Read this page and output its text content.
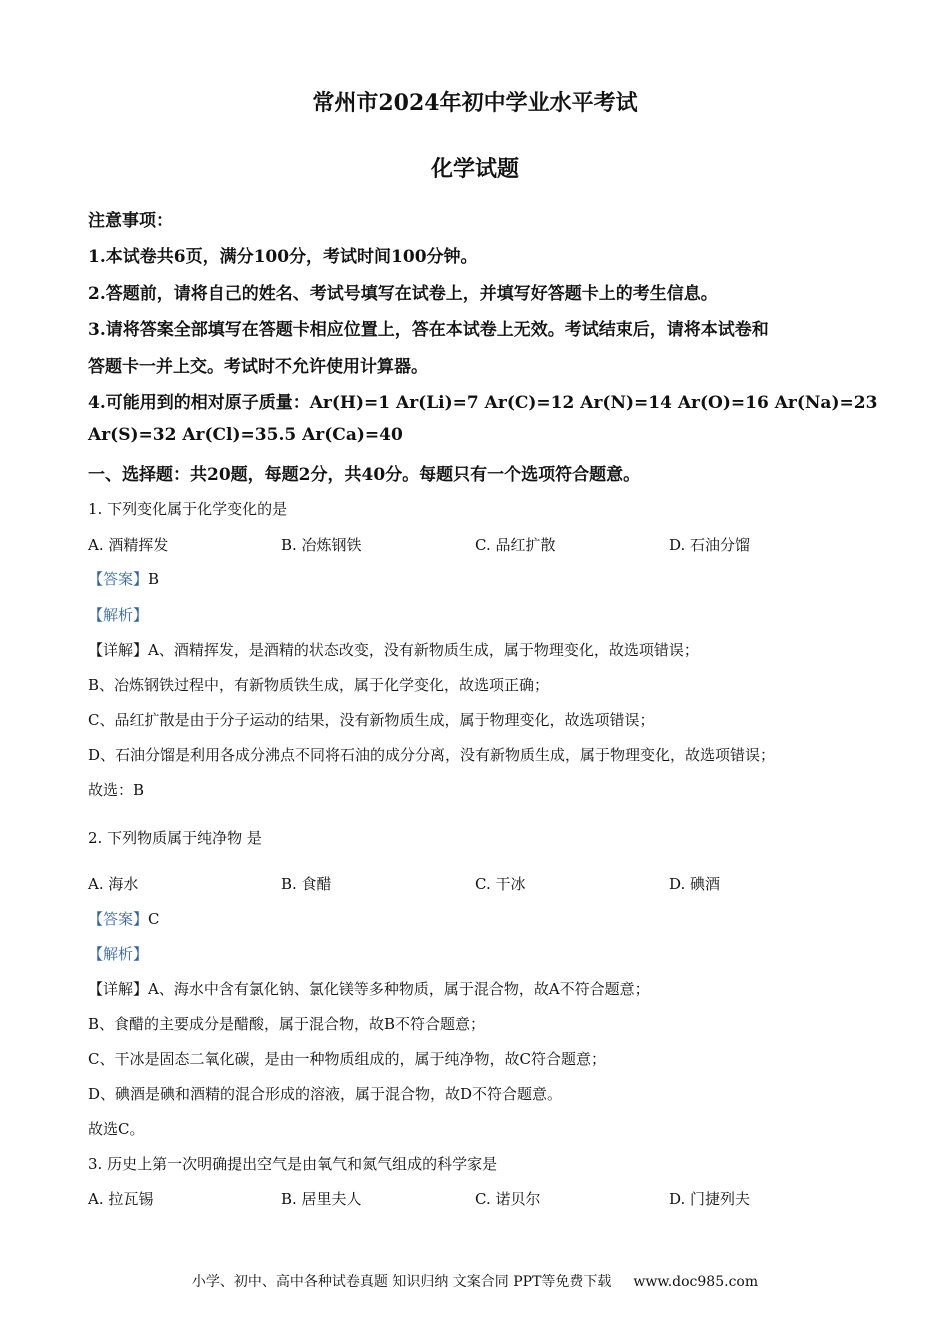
常州市2024年初中学业水平考试
化学试题
注意事项：
1.本试卷共6页，满分100分，考试时间100分钟。
2.答题前，请将自己的姓名、考试号填写在试卷上，并填写好答题卡上的考生信息。
3.请将答案全部填写在答题卡相应位置上，答在本试卷上无效。考试结束后，请将本试卷和
答题卡一并上交。考试时不允许使用计算器。
4.可能用到的相对原子质量：Ar(H)=1 Ar(Li)=7 Ar(C)=12 Ar(N)=14 Ar(O)=16 Ar(Na)=23
Ar(S)=32 Ar(Cl)=35.5 Ar(Ca)=40
一、选择题：共20题，每题2分，共40分。每题只有一个选项符合题意。
1. 下列变化属于化学变化的是
A. 酒精挥发	B. 冶炼钢铁	C. 品红扩散	D. 石油分馏
【答案】B
【解析】
【详解】A、酒精挥发，是酒精的状态改变，没有新物质生成，属于物理变化，故选项错误；
B、冶炼钢铁过程中，有新物质铁生成，属于化学变化，故选项正确；
C、品红扩散是由于分子运动的结果，没有新物质生成，属于物理变化，故选项错误；
D、石油分馏是利用各成分沸点不同将石油的成分分离，没有新物质生成，属于物理变化，故选项错误；
故选：B
2. 下列物质属于纯净物 是
A. 海水	B. 食醋	C. 干冰	D. 碘酒
【答案】C
【解析】
【详解】A、海水中含有氯化钠、氯化镁等多种物质，属于混合物，故A不符合题意；
B、食醋的主要成分是醋酸，属于混合物，故B不符合题意；
C、干冰是固态二氧化碳，是由一种物质组成的，属于纯净物，故C符合题意；
D、碘酒是碘和酒精的混合形成的溶液，属于混合物，故D不符合题意。
故选C。
3. 历史上第一次明确提出空气是由氧气和氮气组成的科学家是
A. 拉瓦锡	B. 居里夫人	C. 诺贝尔	D. 门捷列夫
小学、初中、高中各种试卷真题 知识归纳 文案合同 PPT等免费下载 www.doc985.com
